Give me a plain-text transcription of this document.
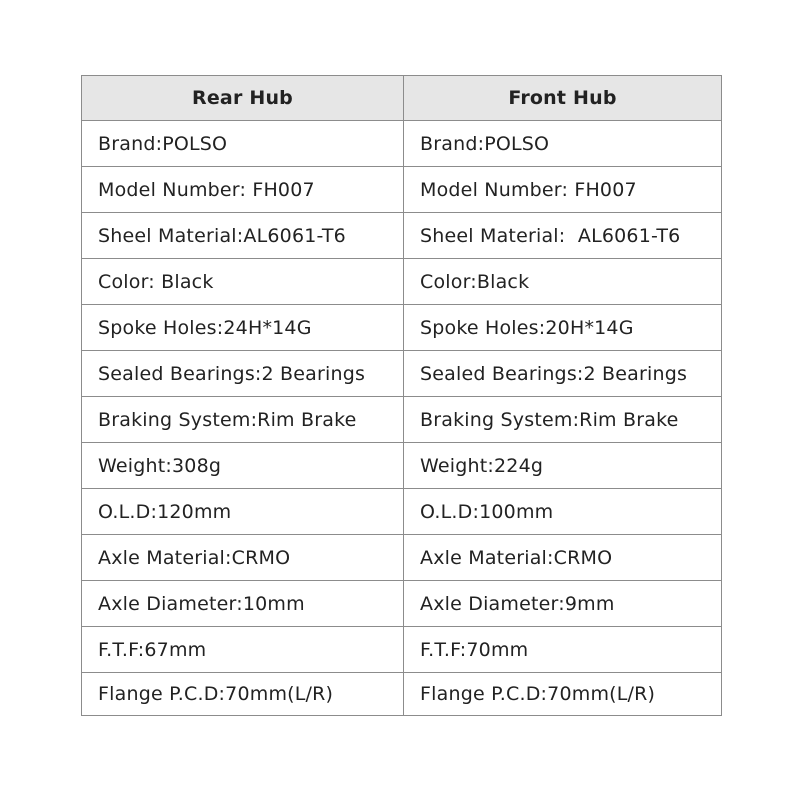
Rear Hub	Front Hub
Brand:POLSO	Brand:POLSO
Model Number: FH007	Model Number: FH007
Sheel Material:AL6061-T6	Sheel Material:  AL6061-T6
Color: Black	Color:Black
Spoke Holes:24H*14G	Spoke Holes:20H*14G
Sealed Bearings:2 Bearings	Sealed Bearings:2 Bearings
Braking System:Rim Brake	Braking System:Rim Brake
Weight:308g	Weight:224g
O.L.D:120mm	O.L.D:100mm
Axle Material:CRMO	Axle Material:CRMO
Axle Diameter:10mm	Axle Diameter:9mm
F.T.F:67mm	F.T.F:70mm
Flange P.C.D:70mm(L/R)	Flange P.C.D:70mm(L/R)
